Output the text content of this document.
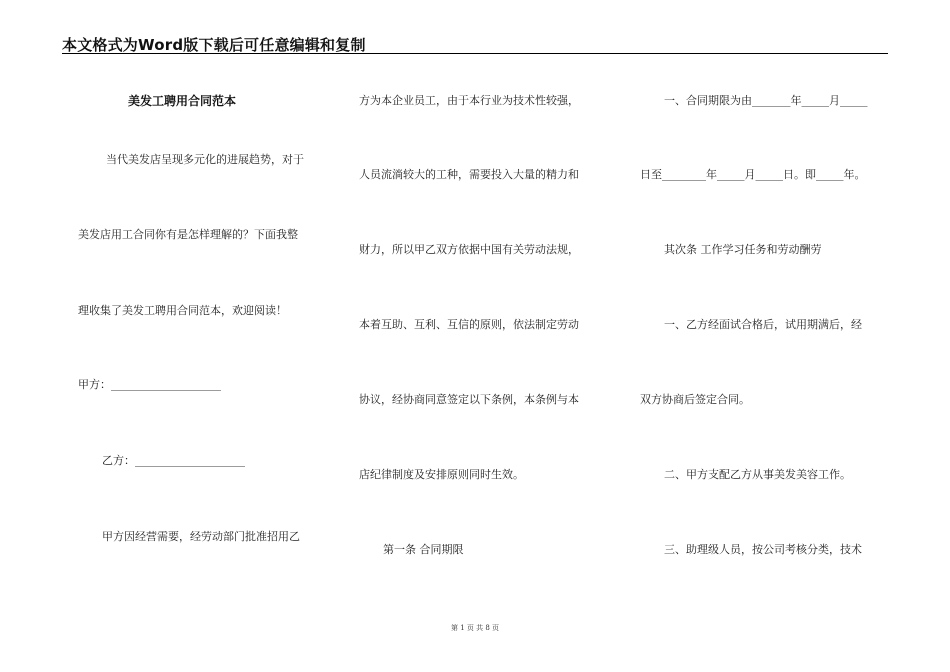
本文格式为Word版下载后可任意编辑和复制
美发工聘用合同范本
当代美发店呈现多元化的进展趋势，对于
美发店用工合同你有是怎样理解的？下面我整
理收集了美发工聘用合同范本，欢迎阅读！
甲方：____________________
乙方：____________________
甲方因经营需要，经劳动部门批准招用乙
方为本企业员工，由于本行业为技术性较强，
人员流淌较大的工种，需要投入大量的精力和
财力，所以甲乙双方依据中国有关劳动法规，
本着互助、互利、互信的原则，依法制定劳动
协议，经协商同意签定以下条例，本条例与本
店纪律制度及安排原则同时生效。
第一条 合同期限
一、合同期限为由_______年_____月_____
日至________年_____月_____日。即_____年。
其次条 工作学习任务和劳动酬劳
一、乙方经面试合格后，试用期满后，经
双方协商后签定合同。
二、甲方支配乙方从事美发美容工作。
三、助理级人员，按公司考核分类，技术
第 1 页 共 8 页
